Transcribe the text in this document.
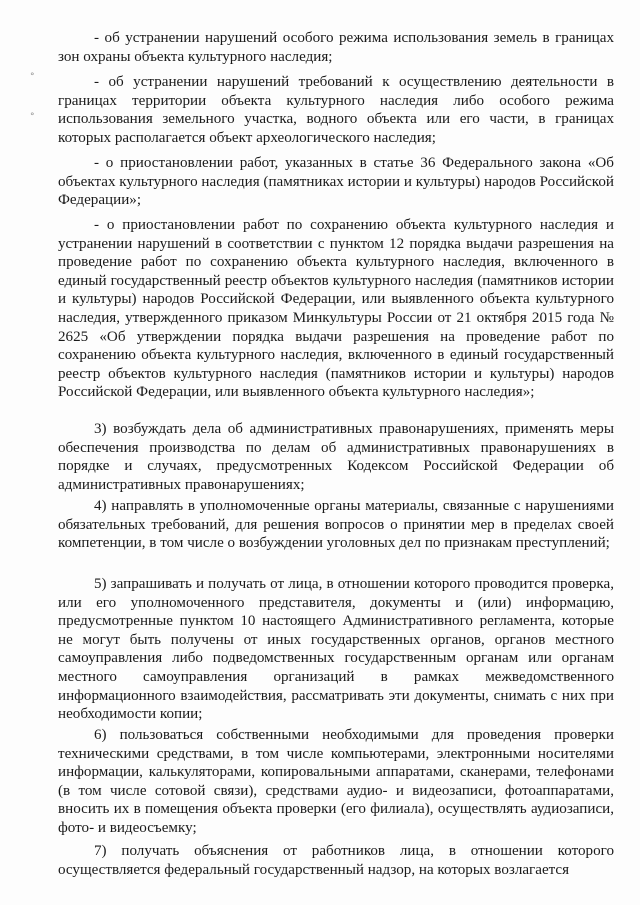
°
°

- об устранении нарушений особого режима использования земель в границах зон охраны объекта культурного наследия;

- об устранении нарушений требований к осуществлению деятельности в границах территории объекта культурного наследия либо особого режима использования земельного участка, водного объекта или его части, в границах которых располагается объект археологического наследия;

- о приостановлении работ, указанных в статье 36 Федерального закона «Об объектах культурного наследия (памятниках истории и культуры) народов Российской Федерации»;

- о приостановлении работ по сохранению объекта культурного наследия и устранении нарушений в соответствии с пунктом 12 порядка выдачи разрешения на проведение работ по сохранению объекта культурного наследия, включенного в единый государственный реестр объектов культурного наследия (памятников истории и культуры) народов Российской Федерации, или выявленного объекта культурного наследия, утвержденного приказом Минкультуры России от 21 октября 2015 года № 2625 «Об утверждении порядка выдачи разрешения на проведение работ по сохранению объекта культурного наследия, включенного в единый государственный реестр объектов культурного наследия (памятников истории и культуры) народов Российской Федерации, или выявленного объекта культурного наследия»;

3) возбуждать дела об административных правонарушениях, применять меры обеспечения производства по делам об административных правонарушениях в порядке и случаях, предусмотренных Кодексом Российской Федерации об административных правонарушениях;

4) направлять в уполномоченные органы материалы, связанные с нарушениями обязательных требований, для решения вопросов о принятии мер в пределах своей компетенции, в том числе о возбуждении уголовных дел по признакам преступлений;

5) запрашивать и получать от лица, в отношении которого проводится проверка, или его уполномоченного представителя, документы и (или) информацию, предусмотренные пунктом 10 настоящего Административного регламента, которые не могут быть получены от иных государственных органов, органов местного самоуправления либо подведомственных государственным органам или органам местного самоуправления организаций в рамках межведомственного информационного взаимодействия, рассматривать эти документы, снимать с них при необходимости копии;

6) пользоваться собственными необходимыми для проведения проверки техническими средствами, в том числе компьютерами, электронными носителями информации, калькуляторами, копировальными аппаратами, сканерами, телефонами (в том числе сотовой связи), средствами аудио- и видеозаписи, фотоаппаратами, вносить их в помещения объекта проверки (его филиала), осуществлять аудиозаписи, фото- и видеосъемку;

7) получать объяснения от работников лица, в отношении которого осуществляется федеральный государственный надзор, на которых возлагается
